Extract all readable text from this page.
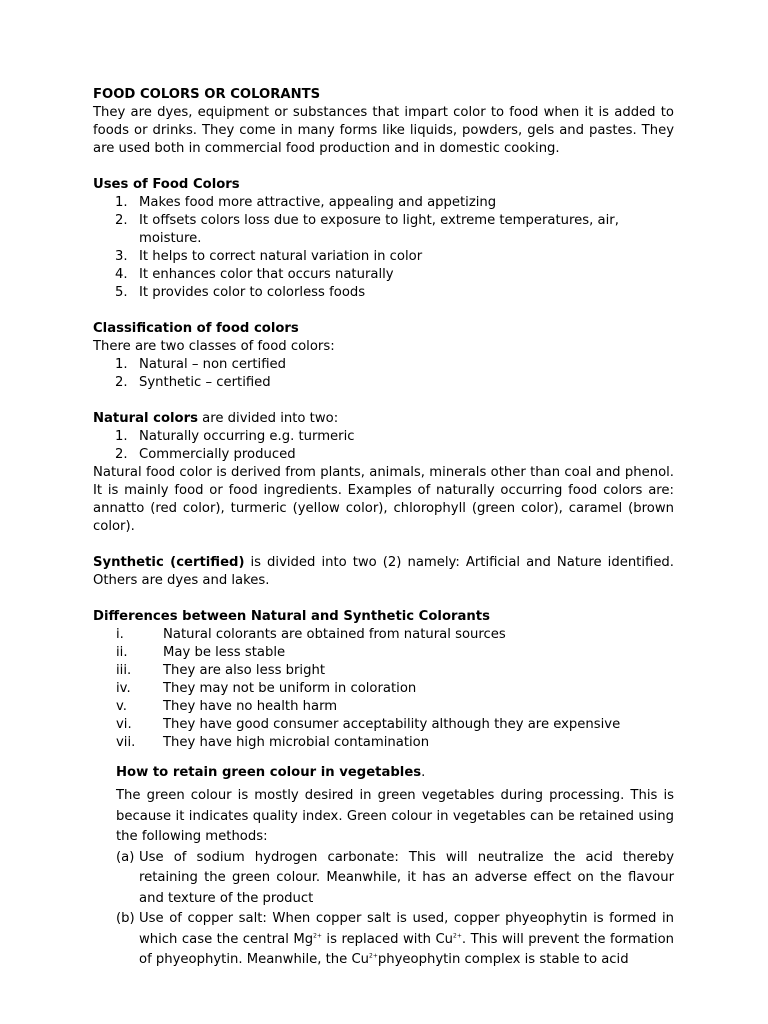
FOOD COLORS OR COLORANTS

They are dyes, equipment or substances that impart color to food when it is added to foods or drinks. They come in many forms like liquids, powders, gels and pastes. They are used both in commercial food production and in domestic cooking.

Uses of Food Colors

1. Makes food more attractive, appealing and appetizing
2. It offsets colors loss due to exposure to light, extreme temperatures, air, moisture.
3. It helps to correct natural variation in color
4. It enhances color that occurs naturally
5. It provides color to colorless foods

Classification of food colors

There are two classes of food colors:

1. Natural – non certified
2. Synthetic – certified

Natural colors are divided into two:

1. Naturally occurring e.g. turmeric
2. Commercially produced

Natural food color is derived from plants, animals, minerals other than coal and phenol. It is mainly food or food ingredients. Examples of naturally occurring food colors are: annatto (red color), turmeric (yellow color), chlorophyll (green color), caramel (brown color).

Synthetic (certified) is divided into two (2) namely: Artificial and Nature identified. Others are dyes and lakes.

Differences between Natural and Synthetic Colorants

i.	Natural colorants are obtained from natural sources
ii.	May be less stable
iii. They are also less bright
iv. They may not be uniform in coloration
v.	They have no health harm
vi. They have good consumer acceptability although they are expensive
vii. They have high microbial contamination

How to retain green colour in vegetables.

The green colour is mostly desired in green vegetables during processing. This is because it indicates quality index. Green colour in vegetables can be retained using the following methods:

(a) Use of sodium hydrogen carbonate: This will neutralize the acid thereby retaining the green colour. Meanwhile, it has an adverse effect on the flavour and texture of the product
(b) Use of copper salt: When copper salt is used, copper phyeophytin is formed in which case the central $Mg^{2+}$ is replaced with $Cu^{2+}$. This will prevent the formation of phyeophytin. Meanwhile, the $Cu^{2+}phyeophytin$ complex is stable to acid
